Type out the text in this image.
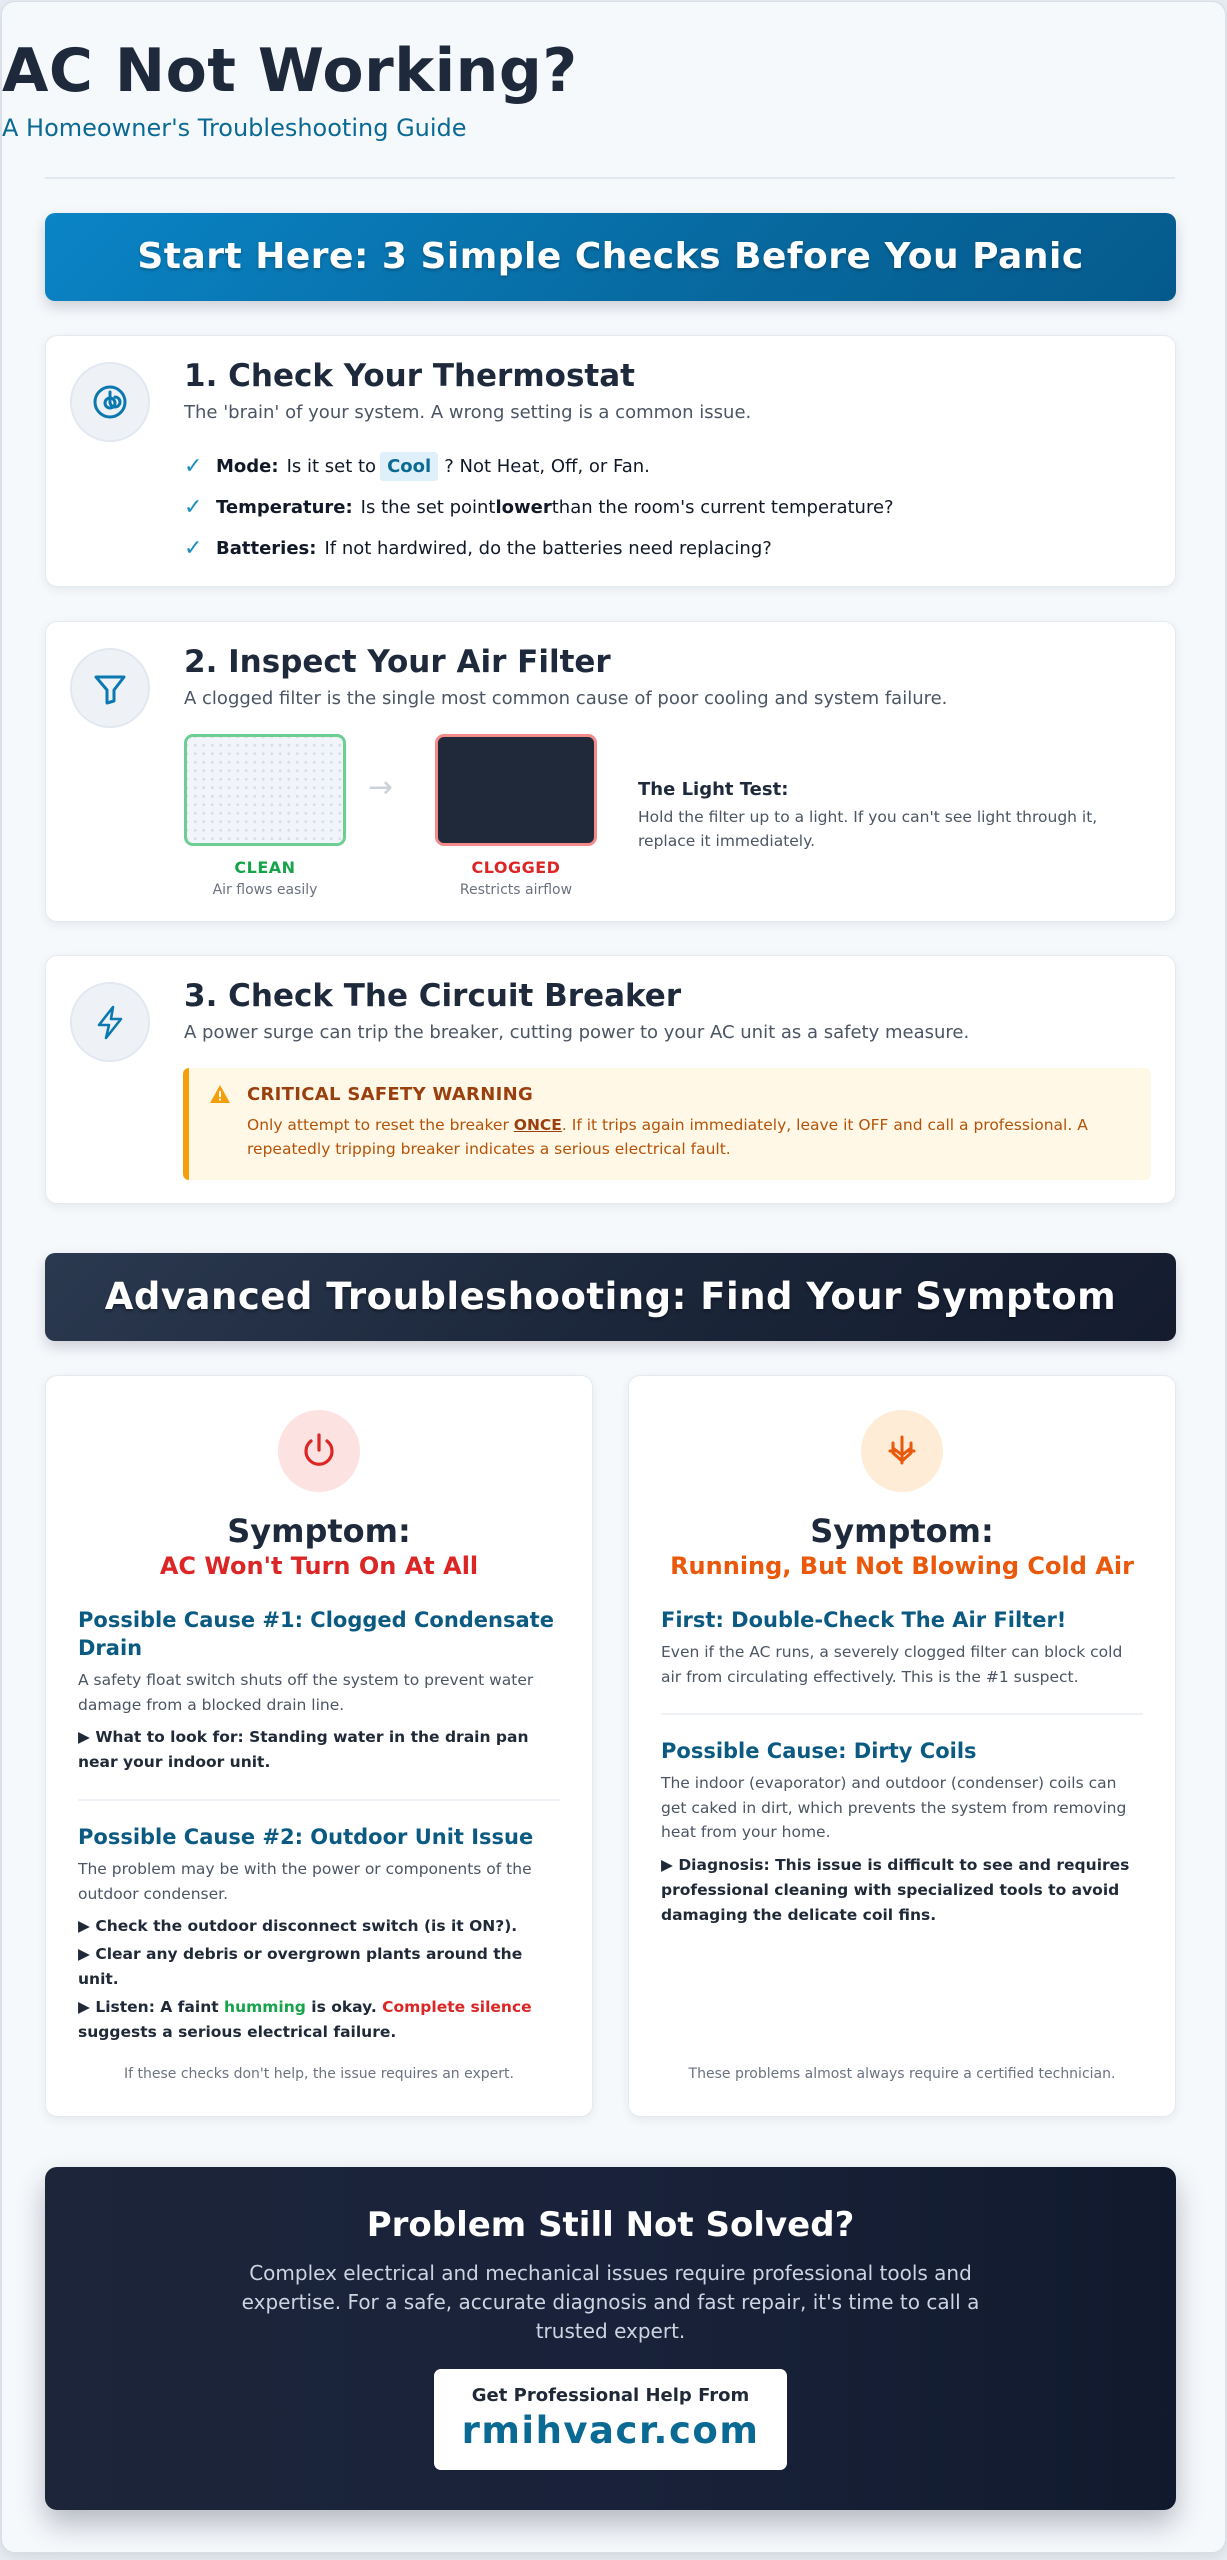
AC Not Working?
A Homeowner's Troubleshooting Guide
Start Here: 3 Simple Checks Before You Panic
1. Check Your Thermostat
The 'brain' of your system. A wrong setting is a common issue.
✓ Mode: Is it set to Cool ? Not Heat, Off, or Fan.
✓ Temperature: Is the set point lower than the room's current temperature?
✓ Batteries: If not hardwired, do the batteries need replacing?
2. Inspect Your Air Filter
A clogged filter is the single most common cause of poor cooling and system failure.
→
CLEAN
Air flows easily
CLOGGED
Restricts airflow
The Light Test:
Hold the filter up to a light. If you can't see light through it, replace it immediately.
3. Check The Circuit Breaker
A power surge can trip the breaker, cutting power to your AC unit as a safety measure.
CRITICAL SAFETY WARNING
Only attempt to reset the breaker ONCE. If it trips again immediately, leave it OFF and call a professional. A repeatedly tripping breaker indicates a serious electrical fault.
Advanced Troubleshooting: Find Your Symptom
Symptom:
AC Won't Turn On At All
Possible Cause #1: Clogged Condensate Drain
A safety float switch shuts off the system to prevent water damage from a blocked drain line.
▶ What to look for: Standing water in the drain pan near your indoor unit.
Possible Cause #2: Outdoor Unit Issue
The problem may be with the power or components of the outdoor condenser.
▶ Check the outdoor disconnect switch (is it ON?).
▶ Clear any debris or overgrown plants around the unit.
▶ Listen: A faint humming is okay. Complete silence suggests a serious electrical failure.
If these checks don't help, the issue requires an expert.
Symptom:
Running, But Not Blowing Cold Air
First: Double-Check The Air Filter!
Even if the AC runs, a severely clogged filter can block cold air from circulating effectively. This is the #1 suspect.
Possible Cause: Dirty Coils
The indoor (evaporator) and outdoor (condenser) coils can get caked in dirt, which prevents the system from removing heat from your home.
▶ Diagnosis: This issue is difficult to see and requires professional cleaning with specialized tools to avoid damaging the delicate coil fins.
These problems almost always require a certified technician.
Problem Still Not Solved?
Complex electrical and mechanical issues require professional tools and expertise. For a safe, accurate diagnosis and fast repair, it's time to call a trusted expert.
Get Professional Help From
rmihvacr.com
